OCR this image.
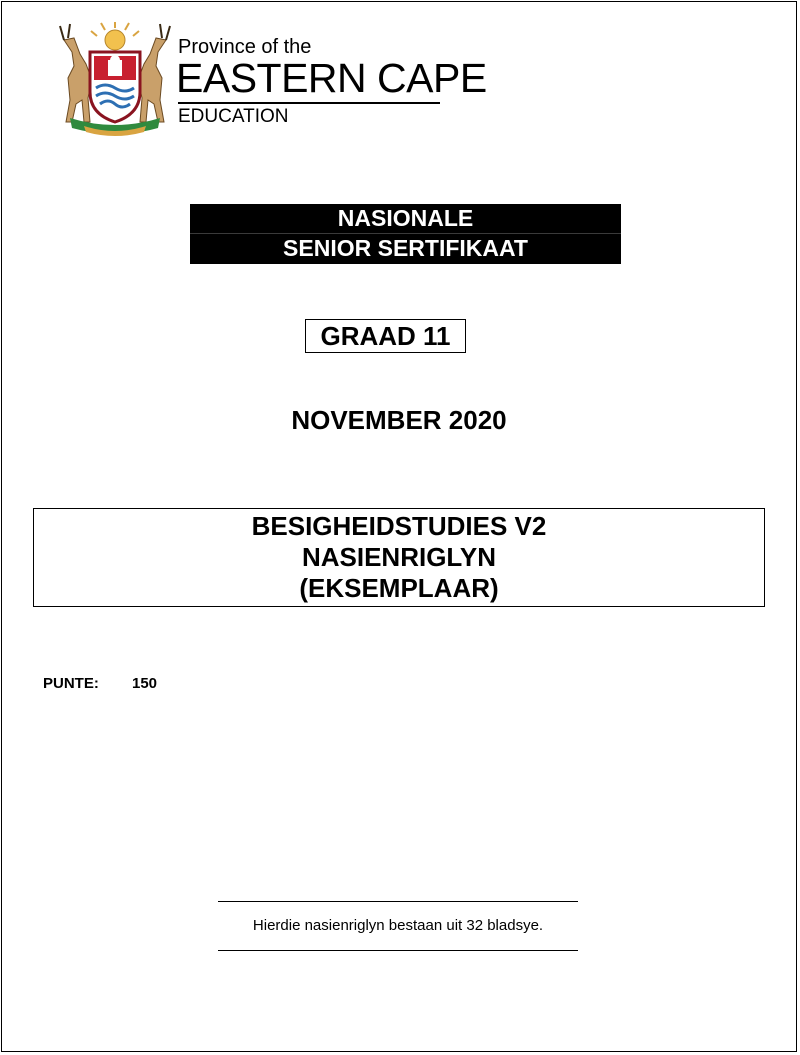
Province of the
EASTERN CAPE
EDUCATION
NASIONALE
SENIOR SERTIFIKAAT
GRAAD 11
NOVEMBER 2020
BESIGHEIDSTUDIES V2
NASIENRIGLYN
(EKSEMPLAAR)
PUNTE: 150
Hierdie nasienriglyn bestaan uit 32 bladsye.
